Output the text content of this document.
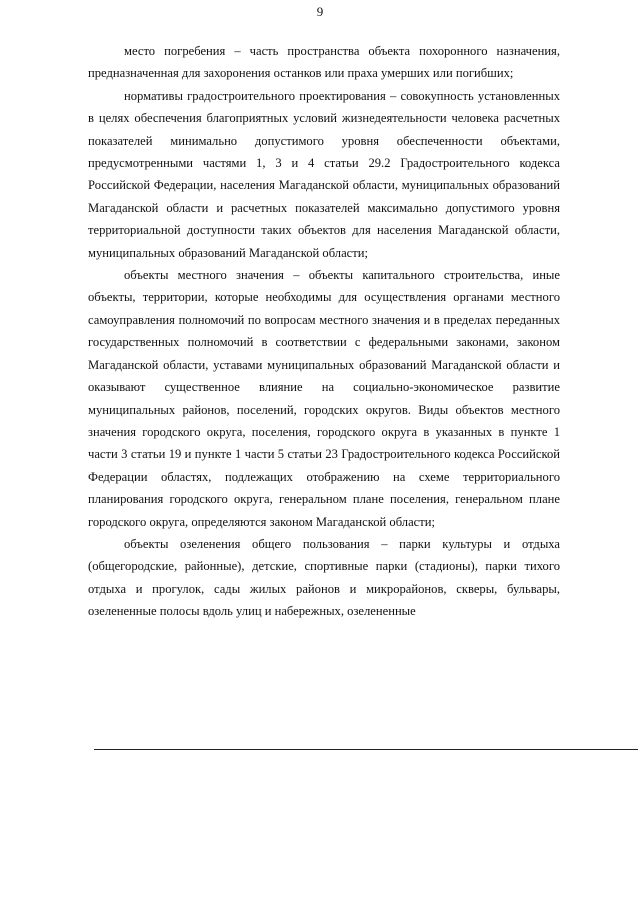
9

место погребения – часть пространства объекта похоронного назначения, предназначенная для захоронения останков или праха умерших или погибших;

нормативы градостроительного проектирования – совокупность установленных в целях обеспечения благоприятных условий жизнедеятельности человека расчетных показателей минимально допустимого уровня обеспеченности объектами, предусмотренными частями 1, 3 и 4 статьи 29.2 Градостроительного кодекса Российской Федерации, населения Магаданской области, муниципальных образований Магаданской области и расчетных показателей максимально допустимого уровня территориальной доступности таких объектов для населения Магаданской области, муниципальных образований Магаданской области;

объекты местного значения – объекты капитального строительства, иные объекты, территории, которые необходимы для осуществления органами местного самоуправления полномочий по вопросам местного значения и в пределах переданных государственных полномочий в соответствии с федеральными законами, законом Магаданской области, уставами муниципальных образований Магаданской области и оказывают существенное влияние на социально-экономическое развитие муниципальных районов, поселений, городских округов. Виды объектов местного значения городского округа, поселения, городского округа в указанных в пункте 1 части 3 статьи 19 и пункте 1 части 5 статьи 23 Градостроительного кодекса Российской Федерации областях, подлежащих отображению на схеме территориального планирования городского округа, генеральном плане поселения, генеральном плане городского округа, определяются законом Магаданской области;

объекты озеленения общего пользования – парки культуры и отдыха (общегородские, районные), детские, спортивные парки (стадионы), парки тихого отдыха и прогулок, сады жилых районов и микрорайонов, скверы, бульвары, озелененные полосы вдоль улиц и набережных, озелененные
